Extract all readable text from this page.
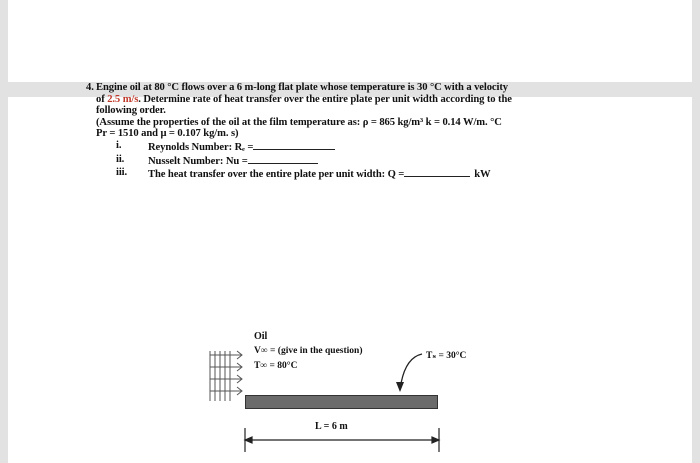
4. Engine oil at 80 °C flows over a 6 m-long flat plate whose temperature is 30 °C with a velocity
of 2.5 m/s. Determine rate of heat transfer over the entire plate per unit width according to the
following order.
(Assume the properties of the oil at the film temperature as: ρ = 865 kg/m³ k = 0.14 W/m. °C
Pr = 1510 and μ = 0.107 kg/m. s)
i.	Reynolds Number: Rₑ =
ii. Nusselt Number: Nu =
iii. The heat transfer over the entire plate per unit width: Q =	kW
Oil
V∞ = (give in the question)
T∞ = 80°C
Tₛ = 30°C
L = 6 m
